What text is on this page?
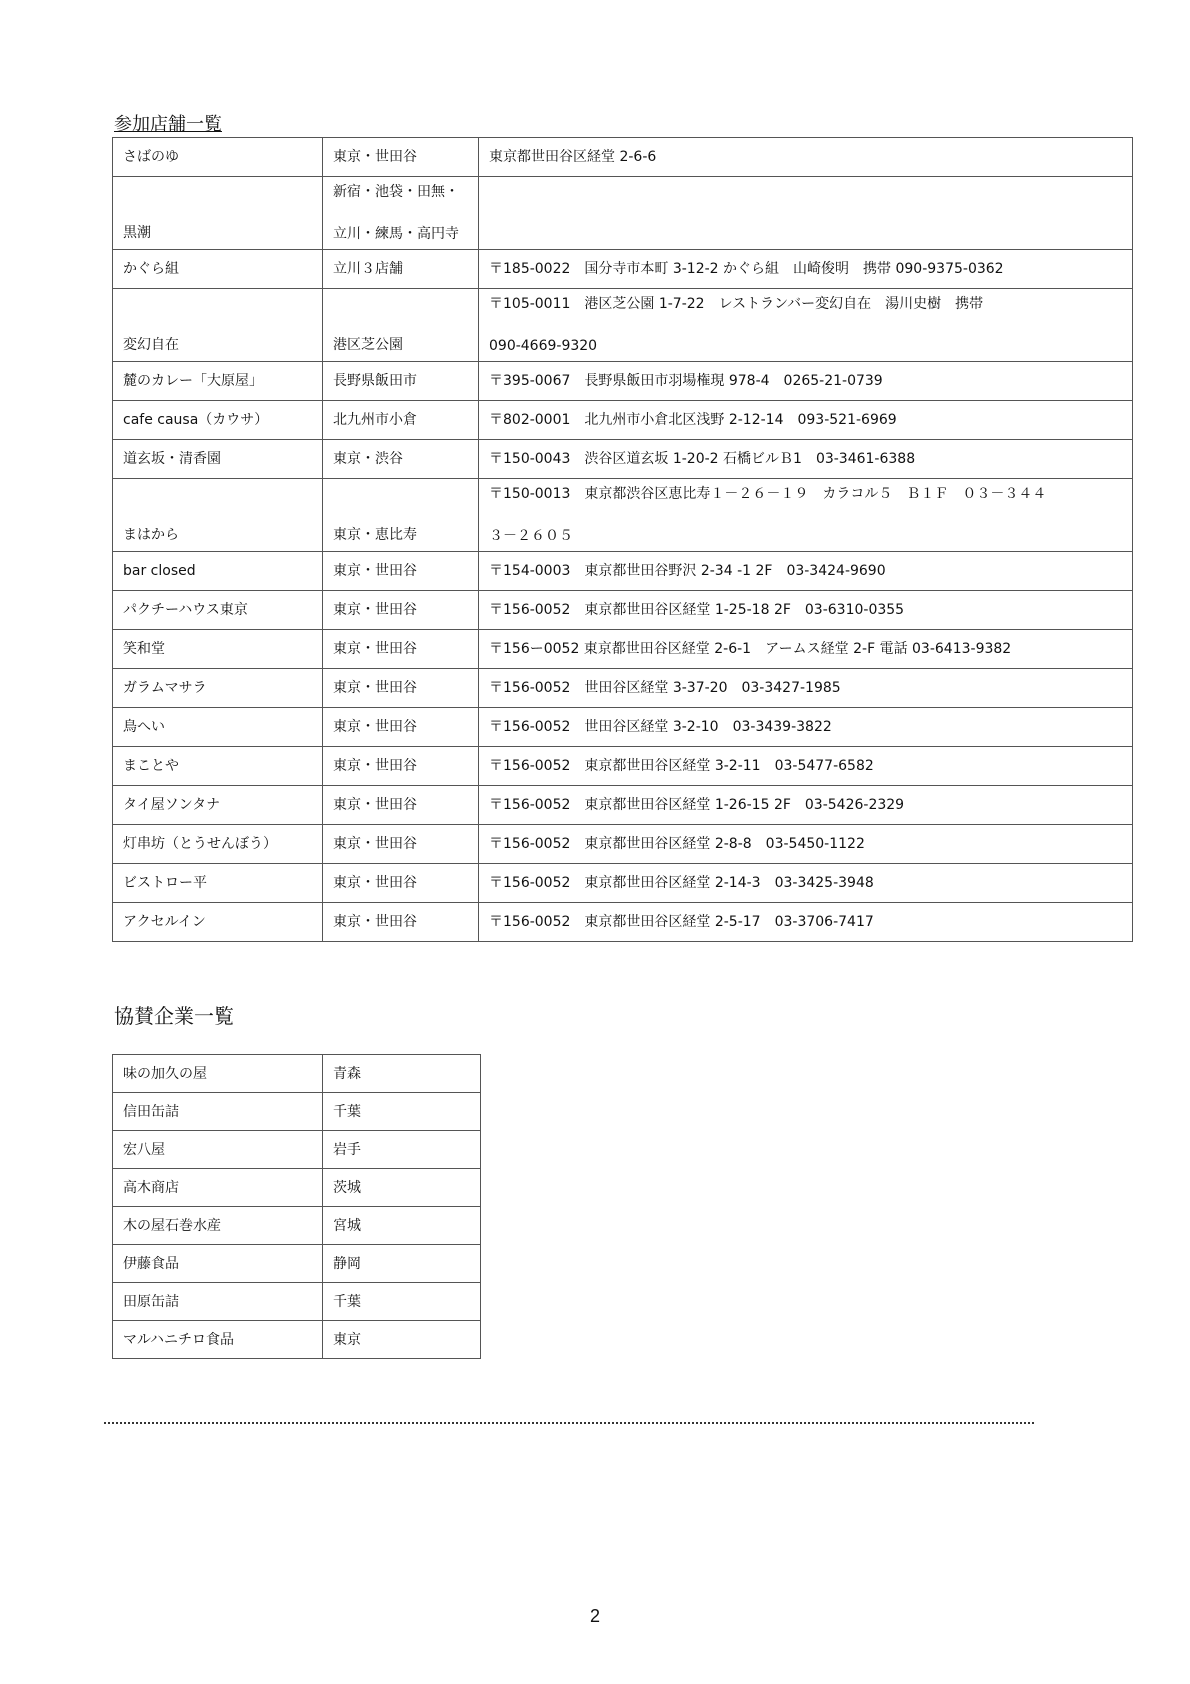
参加店舗一覧
さばのゆ	東京・世田谷	東京都世田谷区経堂 2-6-6

黒潮	新宿・池袋・田無・
立川・練馬・高円寺	

かぐら組	立川３店舗	〒185-0022　国分寺市本町 3-12-2 かぐら組　山崎俊明　携帯 090-9375-0362

変幻自在	港区芝公園	〒105-0011　港区芝公園 1-7-22　レストランバー変幻自在　湯川史樹　携帯
090-4669-9320

麓のカレー「大原屋」	長野県飯田市	〒395-0067　長野県飯田市羽場権現 978-4　0265-21-0739
cafe causa（カウサ）	北九州市小倉	〒802-0001　北九州市小倉北区浅野 2-12-14　093-521-6969
道玄坂・清香園	東京・渋谷	〒150-0043　渋谷区道玄坂 1-20-2 石橋ビルＢ1　03-3461-6388

まはから	東京・恵比寿	〒150-0013　東京都渋谷区恵比寿１－２６－１９　カラコル５　Ｂ１Ｆ　０３－３４４
３－２６０５

bar closed	東京・世田谷	〒154-0003　東京都世田谷野沢 2-34 -1 2F　03-3424-9690
パクチーハウス東京	東京・世田谷	〒156-0052　東京都世田谷区経堂 1-25-18 2F　03-6310-0355
笑和堂	東京・世田谷	〒156ー0052 東京都世田谷区経堂 2-6-1　アームス経堂 2-F 電話 03-6413-9382
ガラムマサラ	東京・世田谷	〒156-0052　世田谷区経堂 3-37-20　03-3427-1985
鳥へい	東京・世田谷	〒156-0052　世田谷区経堂 3-2-10　03-3439-3822
まことや	東京・世田谷	〒156-0052　東京都世田谷区経堂 3-2-11　03-5477-6582
タイ屋ソンタナ	東京・世田谷	〒156-0052　東京都世田谷区経堂 1-26-15 2F　03-5426-2329
灯串坊（とうせんぼう）	東京・世田谷	〒156-0052　東京都世田谷区経堂 2-8-8　03-5450-1122
ビストロー平	東京・世田谷	〒156-0052　東京都世田谷区経堂 2-14-3　03-3425-3948
アクセルイン	東京・世田谷	〒156-0052　東京都世田谷区経堂 2-5-17　03-3706-7417
協賛企業一覧
味の加久の屋	青森
信田缶詰	千葉
宏八屋	岩手
高木商店	茨城
木の屋石巻水産	宮城
伊藤食品	静岡
田原缶詰	千葉
マルハニチロ食品	東京
2
